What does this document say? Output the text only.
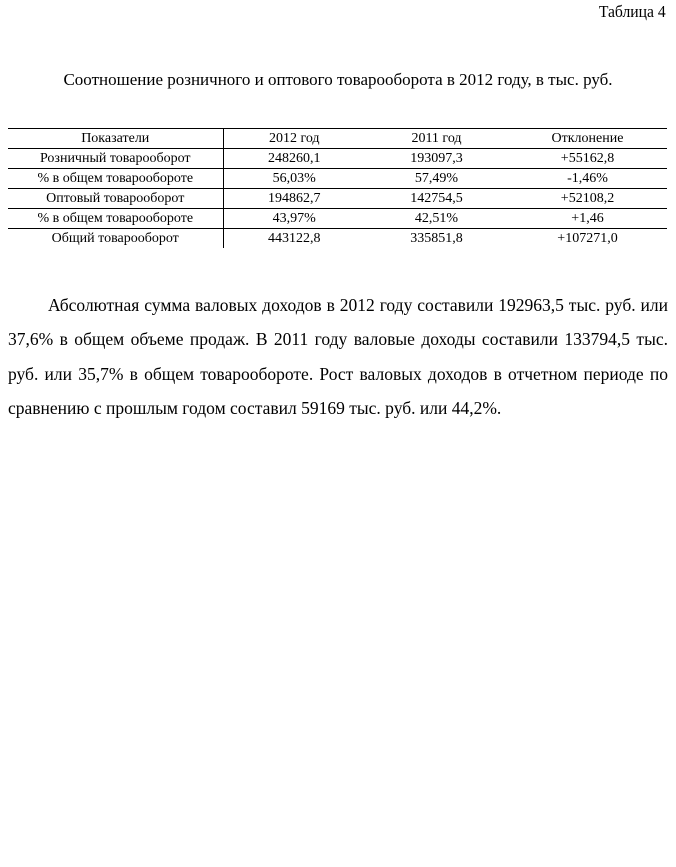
Таблица 4
Соотношение розничного и оптового товарооборота в 2012 году, в тыс. руб.
Показатели	2012 год	2011 год	Отклонение
Розничный товарооборот	248260,1	193097,3	+55162,8
% в общем товарообороте	56,03%	57,49%	-1,46%
Оптовый товарооборот	194862,7	142754,5	+52108,2
% в общем товарообороте	43,97%	42,51%	+1,46
Общий товарооборот	443122,8	335851,8	+107271,0

Абсолютная сумма валовых доходов в 2012 году составили 192963,5 тыс. руб. или 37,6% в общем объеме продаж. В 2011 году валовые доходы составили 133794,5 тыс. руб. или 35,7% в общем товарообороте. Рост валовых доходов в отчетном периоде по сравнению с прошлым годом составил 59169 тыс. руб. или 44,2%.
